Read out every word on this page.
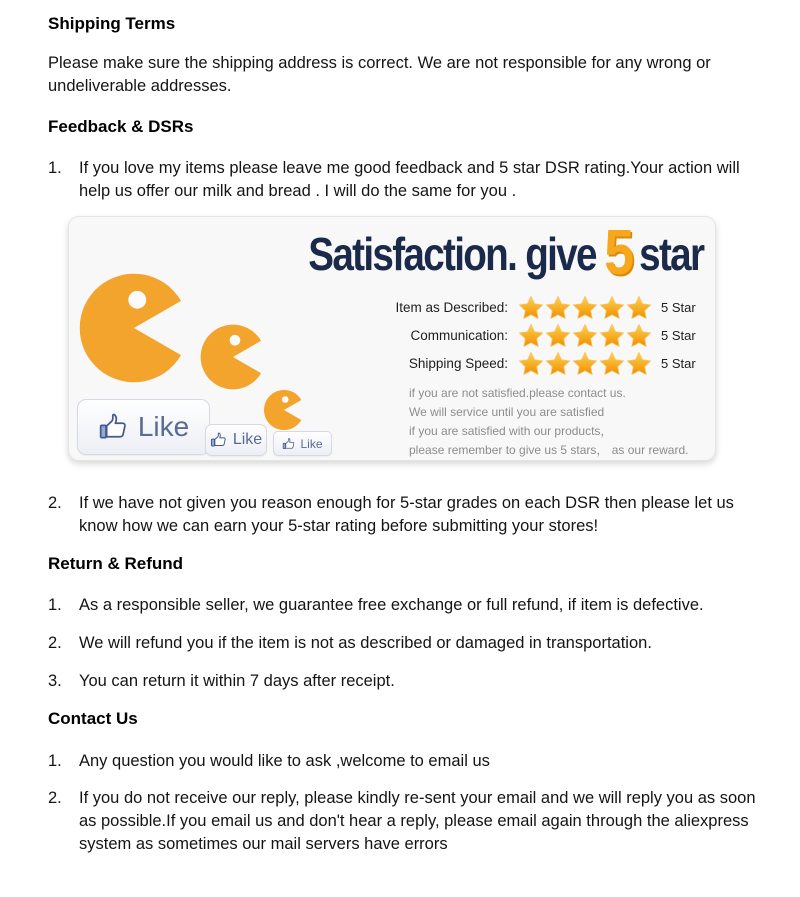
Shipping Terms
Please make sure the shipping address is correct. We are not responsible for any wrong or undeliverable addresses.
Feedback & DSRs
1.	If you love my items please leave me good feedback and 5 star DSR rating.Your action will help us offer our milk and bread . I will do the same for you .
Satisfaction. give 5 star
Item as Described:	5 Star
Communication:	5 Star
Shipping Speed:	5 Star
if you are not satisfied.please contact us.
We will service until you are satisfied
if you are satisfied with our products，
please remember to give us 5 stars， as our reward.
Like	Like	Like
2.	If we have not given you reason enough for 5-star grades on each DSR then please let us know how we can earn your 5-star rating before submitting your stores!
Return & Refund
1.	As a responsible seller, we guarantee free exchange or full refund, if item is defective.
2.	We will refund you if the item is not as described or damaged in transportation.
3.	You can return it within 7 days after receipt.
Contact Us
1.	Any question you would like to ask ,welcome to email us
2.	If you do not receive our reply, please kindly re-sent your email and we will reply you as soon as possible.If you email us and don't hear a reply, please email again through the aliexpress system as sometimes our mail servers have errors
